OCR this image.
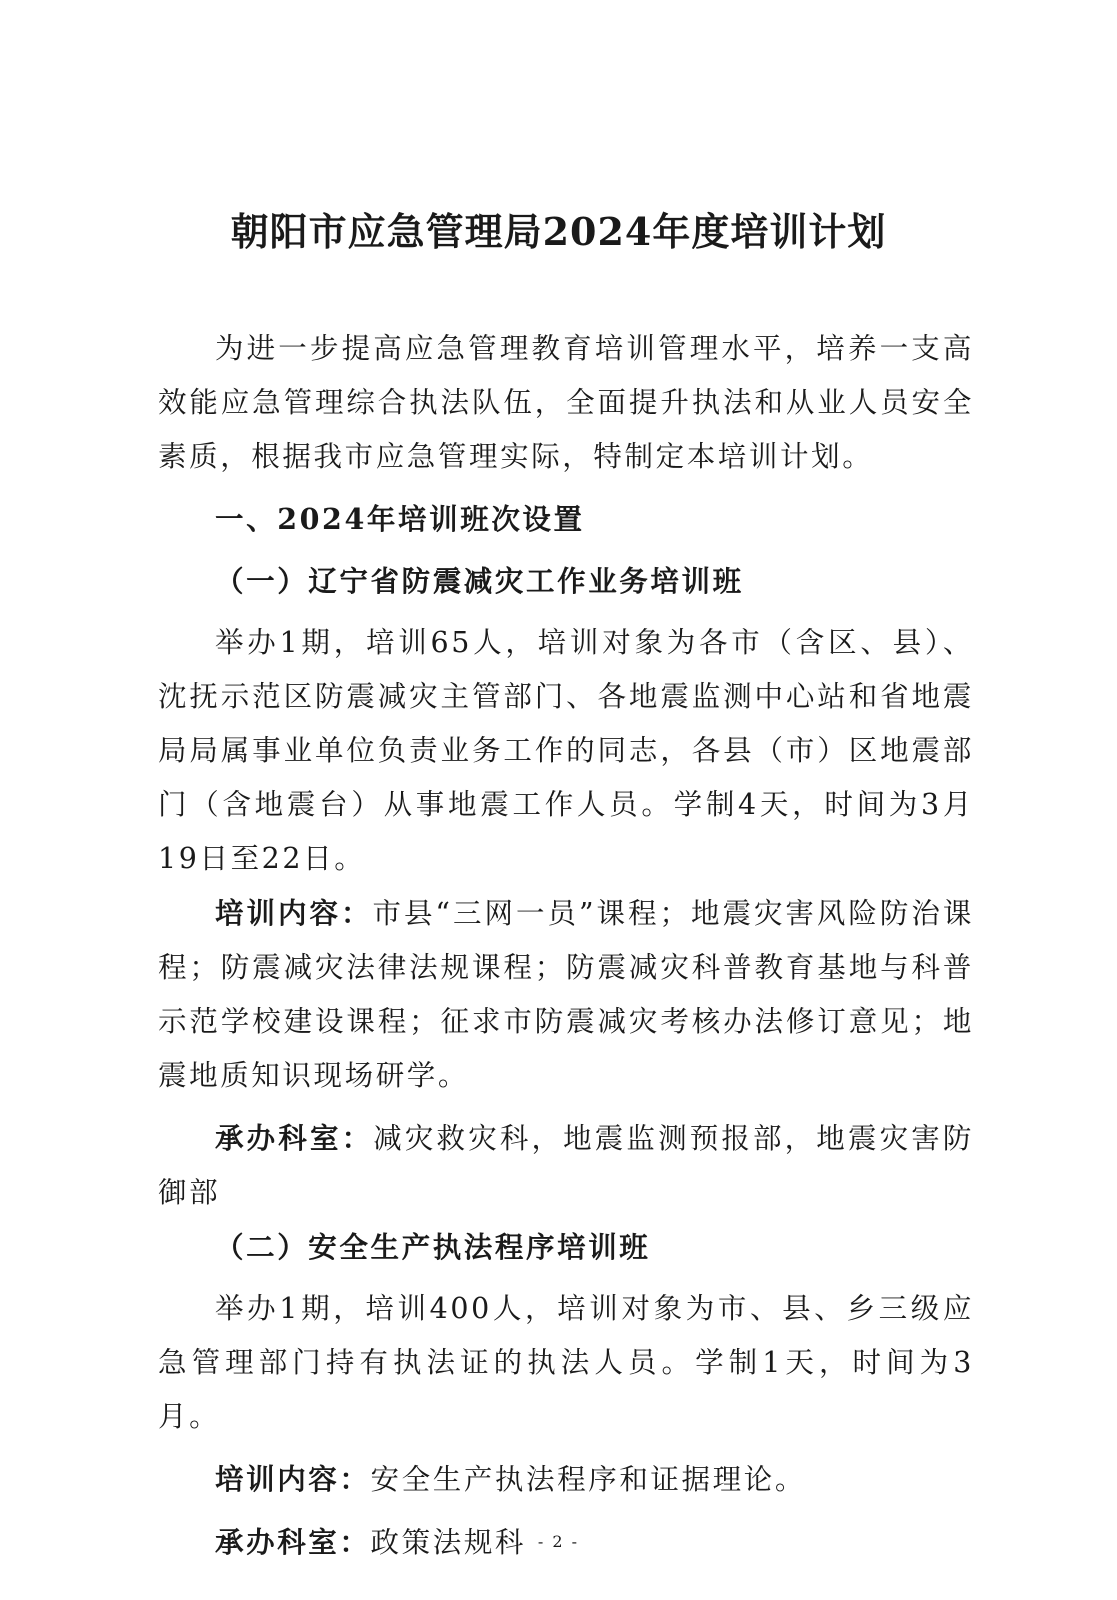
朝阳市应急管理局2024年度培训计划

为进一步提高应急管理教育培训管理水平，培养一支高效能应急管理综合执法队伍，全面提升执法和从业人员安全素质，根据我市应急管理实际，特制定本培训计划。

一、2024年培训班次设置

（一）辽宁省防震减灾工作业务培训班

举办1期，培训65人，培训对象为各市（含区、县）、沈抚示范区防震减灾主管部门、各地震监测中心站和省地震局局属事业单位负责业务工作的同志，各县（市）区地震部门（含地震台）从事地震工作人员。学制4天，时间为3月19日至22日。

培训内容：市县“三网一员”课程；地震灾害风险防治课程；防震减灾法律法规课程；防震减灾科普教育基地与科普示范学校建设课程；征求市防震减灾考核办法修订意见；地震地质知识现场研学。

承办科室：减灾救灾科，地震监测预报部，地震灾害防御部

（二）安全生产执法程序培训班

举办1期，培训400人，培训对象为市、县、乡三级应急管理部门持有执法证的执法人员。学制1天，时间为3月。

培训内容：安全生产执法程序和证据理论。

承办科室：政策法规科 - 2 -
